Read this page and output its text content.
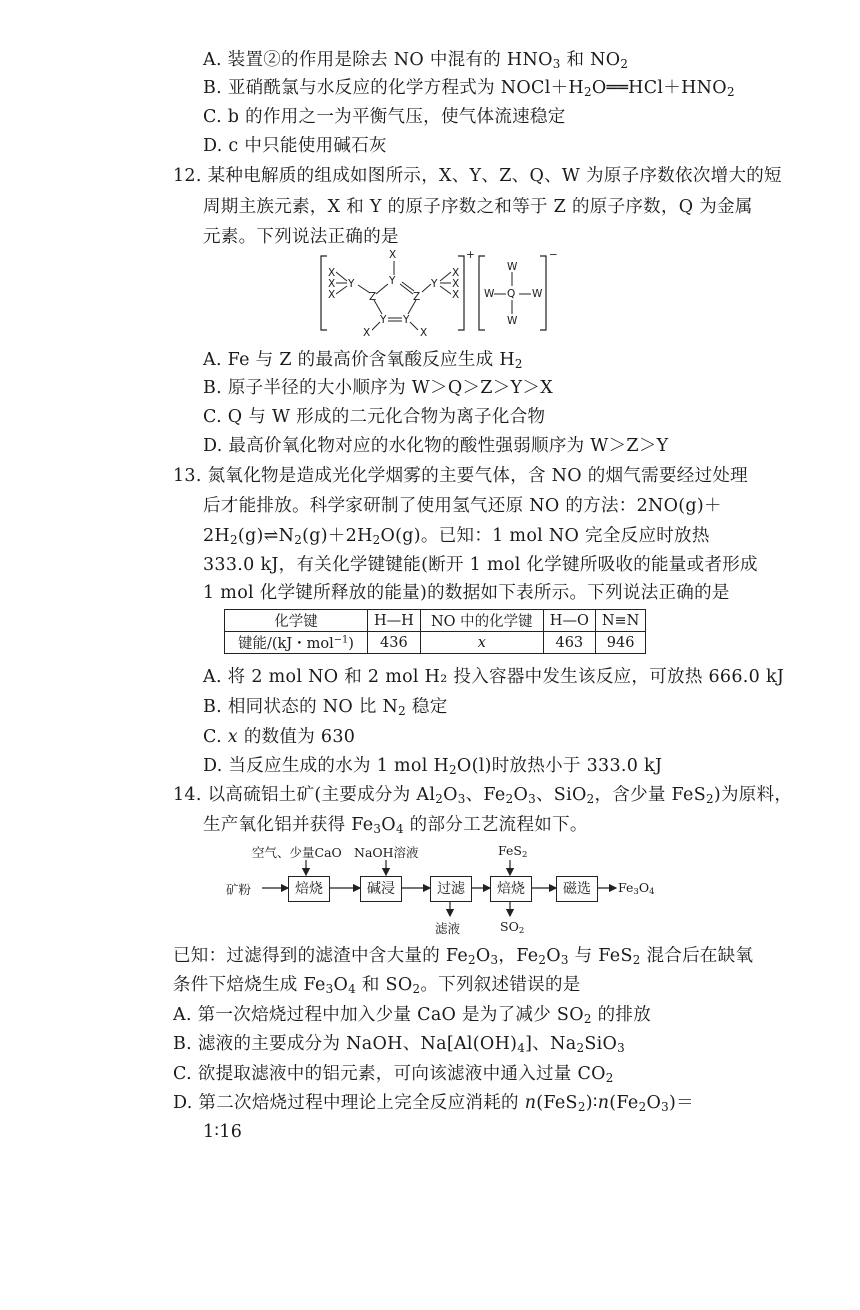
A. 装置②的作用是除去 NO 中混有的 $HNO_3$ 和 $NO_2$
B. 亚硝酰氯与水反应的化学方程式为 $NOCl+H_2O══HCl+HNO_2$
C. b 的作用之一为平衡气压，使气体流速稳定
D. c 中只能使用碱石灰
12. 某种电解质的组成如图所示，X、Y、Z、Q、W 为原子序数依次增大的短
周期主族元素，X 和 Y 的原子序数之和等于 Z 的原子序数，Q 为金属
元素。下列说法正确的是
X
X
X
Y
X
Y
Z	Z
Y
X
X
X
Y Y
X	X
+
W
W Q W
W
−
A. Fe 与 Z 的最高价含氧酸反应生成 $H_2$
B. 原子半径的大小顺序为 W＞Q＞Z＞Y＞X
C. Q 与 W 形成的二元化合物为离子化合物
D. 最高价氧化物对应的水化物的酸性强弱顺序为 W＞Z＞Y
13. 氮氧化物是造成光化学烟雾的主要气体，含 NO 的烟气需要经过处理
后才能排放。科学家研制了使用氢气还原 NO 的方法：2NO(g)＋
$2H_2(g)\rightleftharpoons N_2(g)+2H_2O(g)$。已知：1 mol NO 完全反应时放热
333.0 kJ，有关化学键键能(断开 1 mol 化学键所吸收的能量或者形成
1 mol 化学键所释放的能量)的数据如下表所示。下列说法正确的是
化学键	H—H	NO 中的化学键	H—O	N≡N
键能/(kJ・mol$^{-1}$)	436	x	463	946
A. 将 2 mol NO 和 2 mol H₂ 投入容器中发生该反应，可放热 666.0 kJ
B. 相同状态的 NO 比 $N_2$ 稳定
C. x 的数值为 630
D. 当反应生成的水为 1 mol $H_2O(l)$时放热小于 333.0 kJ
14. 以高硫铝土矿(主要成分为 $Al_2O_3$、$Fe_2O_3$、SiO$_2$，含少量 FeS$_2$)为原料，
生产氧化铝并获得 $Fe_3O_4$ 的部分工艺流程如下。
矿粉	焙烧	碱浸	过滤	焙烧	磁选	$Fe_3O_4$
空气、少量CaO NaOH溶液	FeS$_2$
滤液	$SO_2$
已知：过滤得到的滤渣中含大量的 $Fe_2O_3$，$Fe_2O_3$ 与 FeS$_2$ 混合后在缺氧
条件下焙烧生成 $Fe_3O_4$ 和 $SO_2$。下列叙述错误的是
A. 第一次焙烧过程中加入少量 CaO 是为了减少 $SO_2$ 的排放
B. 滤液的主要成分为 NaOH、$Na[Al(OH)_4]$、$Na_2SiO_3$
C. 欲提取滤液中的铝元素，可向该滤液中通入过量 $CO_2$
D. 第二次焙烧过程中理论上完全反应消耗的 $n(FeS_2)∶n(Fe_2O_3)=$
1∶16
